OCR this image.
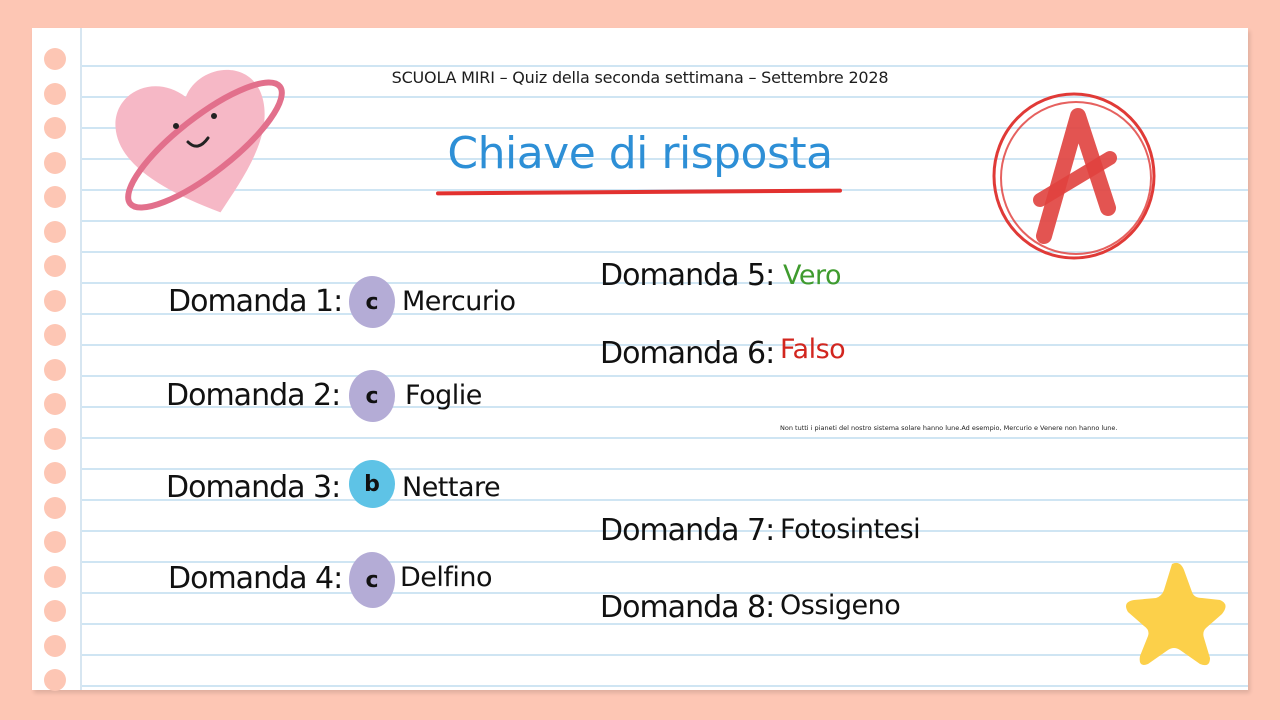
SCUOLA MIRI – Quiz della seconda settimana – Settembre 2028
Chiave di risposta
Domanda 1:	c Mercurio
Domanda 2:	c Foglie
Domanda 3:	b Nettare
Domanda 4:	c Delfino
Domanda 5: Vero
Domanda 6: Falso
Non tutti i pianeti del nostro sistema solare hanno lune.Ad esempio, Mercurio e Venere non hanno lune.
Domanda 7: Fotosintesi
Domanda 8: Ossigeno
